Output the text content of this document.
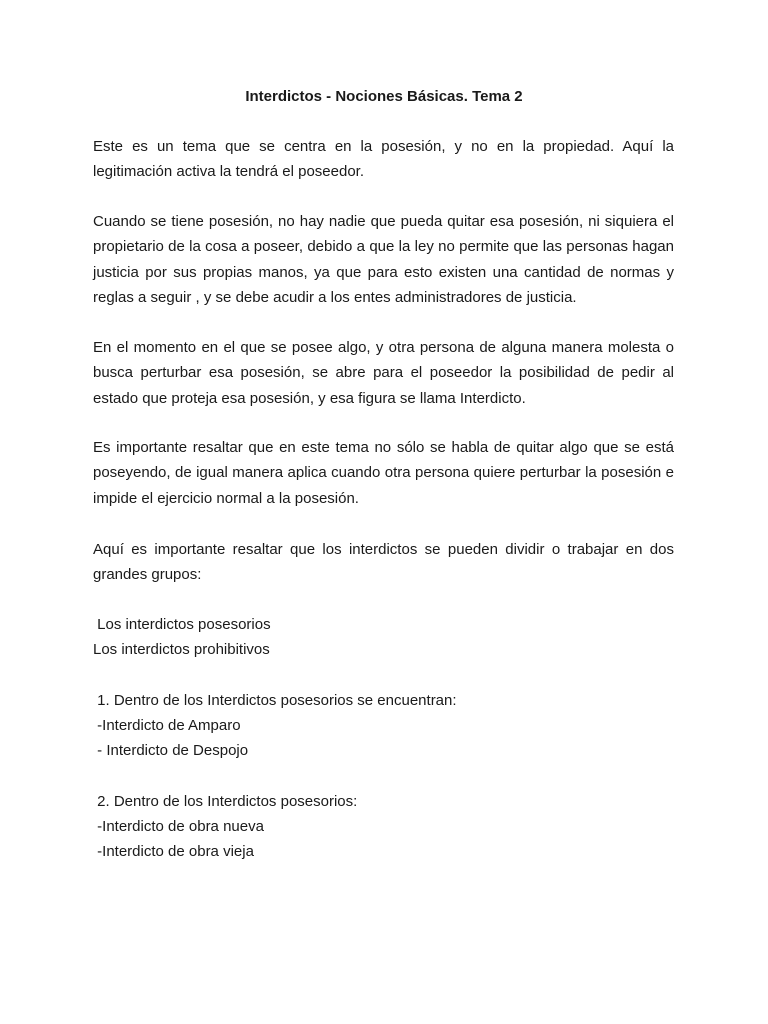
Interdictos - Nociones Básicas. Tema 2

Este es un tema que se centra en la posesión, y no en la propiedad. Aquí la legitimación activa la tendrá el poseedor.

Cuando se tiene posesión, no hay nadie que pueda quitar esa posesión, ni siquiera el propietario de la cosa a poseer, debido a que la ley no permite que las personas hagan justicia por sus propias manos, ya que para esto existen una cantidad de normas y reglas a seguir , y se debe acudir a los entes administradores de justicia.

En el momento en el que se posee algo, y otra persona de alguna manera molesta o busca perturbar esa posesión, se abre para el poseedor la posibilidad de pedir al estado que proteja esa posesión, y esa figura se llama Interdicto.

Es importante resaltar que en este tema no sólo se habla de quitar algo que se está poseyendo, de igual manera aplica cuando otra persona quiere perturbar la posesión e impide el ejercicio normal a la posesión.

Aquí es importante resaltar que los interdictos se pueden dividir o trabajar en dos grandes grupos:

Los interdictos posesorios

Los interdictos prohibitivos

1. Dentro de los Interdictos posesorios se encuentran:

-Interdicto de Amparo

- Interdicto de Despojo

2. Dentro de los Interdictos posesorios:

-Interdicto de obra nueva

-Interdicto de obra vieja
